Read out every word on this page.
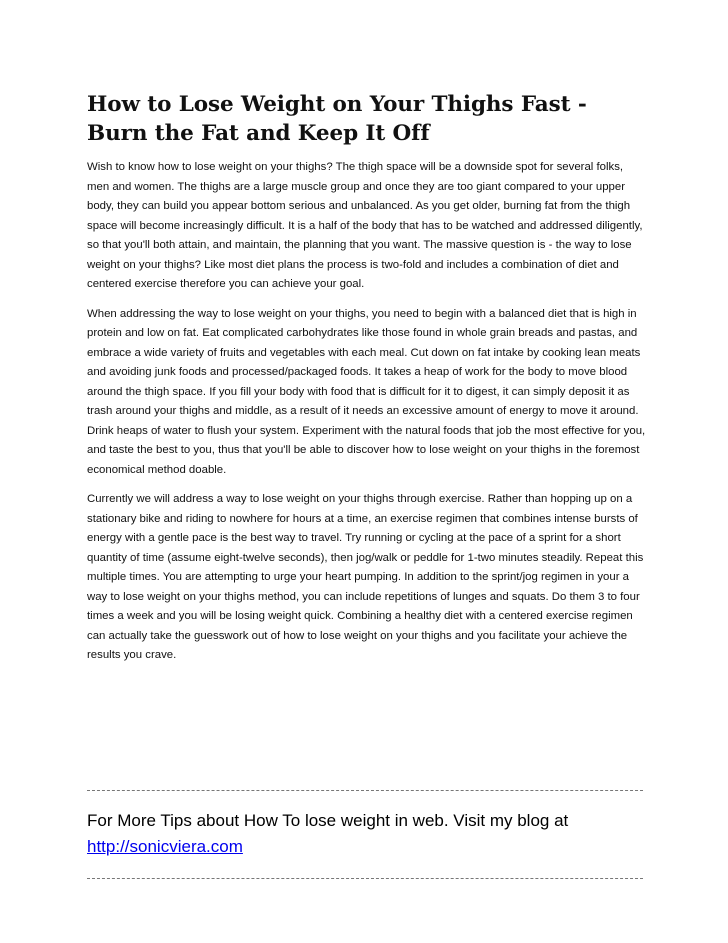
How to Lose Weight on Your Thighs Fast - Burn the Fat and Keep It Off

Wish to know how to lose weight on your thighs? The thigh space will be a downside spot for several folks, men and women. The thighs are a large muscle group and once they are too giant compared to your upper body, they can build you appear bottom serious and unbalanced. As you get older, burning fat from the thigh space will become increasingly difficult. It is a half of the body that has to be watched and addressed diligently, so that you'll both attain, and maintain, the planning that you want. The massive question is - the way to lose weight on your thighs? Like most diet plans the process is two-fold and includes a combination of diet and centered exercise therefore you can achieve your goal.

When addressing the way to lose weight on your thighs, you need to begin with a balanced diet that is high in protein and low on fat. Eat complicated carbohydrates like those found in whole grain breads and pastas, and embrace a wide variety of fruits and vegetables with each meal. Cut down on fat intake by cooking lean meats and avoiding junk foods and processed/packaged foods. It takes a heap of work for the body to move blood around the thigh space. If you fill your body with food that is difficult for it to digest, it can simply deposit it as trash around your thighs and middle, as a result of it needs an excessive amount of energy to move it around. Drink heaps of water to flush your system. Experiment with the natural foods that job the most effective for you, and taste the best to you, thus that you'll be able to discover how to lose weight on your thighs in the foremost economical method doable.

Currently we will address a way to lose weight on your thighs through exercise. Rather than hopping up on a stationary bike and riding to nowhere for hours at a time, an exercise regimen that combines intense bursts of energy with a gentle pace is the best way to travel. Try running or cycling at the pace of a sprint for a short quantity of time (assume eight-twelve seconds), then jog/walk or peddle for 1-two minutes steadily. Repeat this multiple times. You are attempting to urge your heart pumping. In addition to the sprint/jog regimen in your a way to lose weight on your thighs method, you can include repetitions of lunges and squats. Do them 3 to four times a week and you will be losing weight quick. Combining a healthy diet with a centered exercise regimen can actually take the guesswork out of how to lose weight on your thighs and you facilitate your achieve the results you crave.

For More Tips about How To lose weight in web. Visit my blog at
http://sonicviera.com
